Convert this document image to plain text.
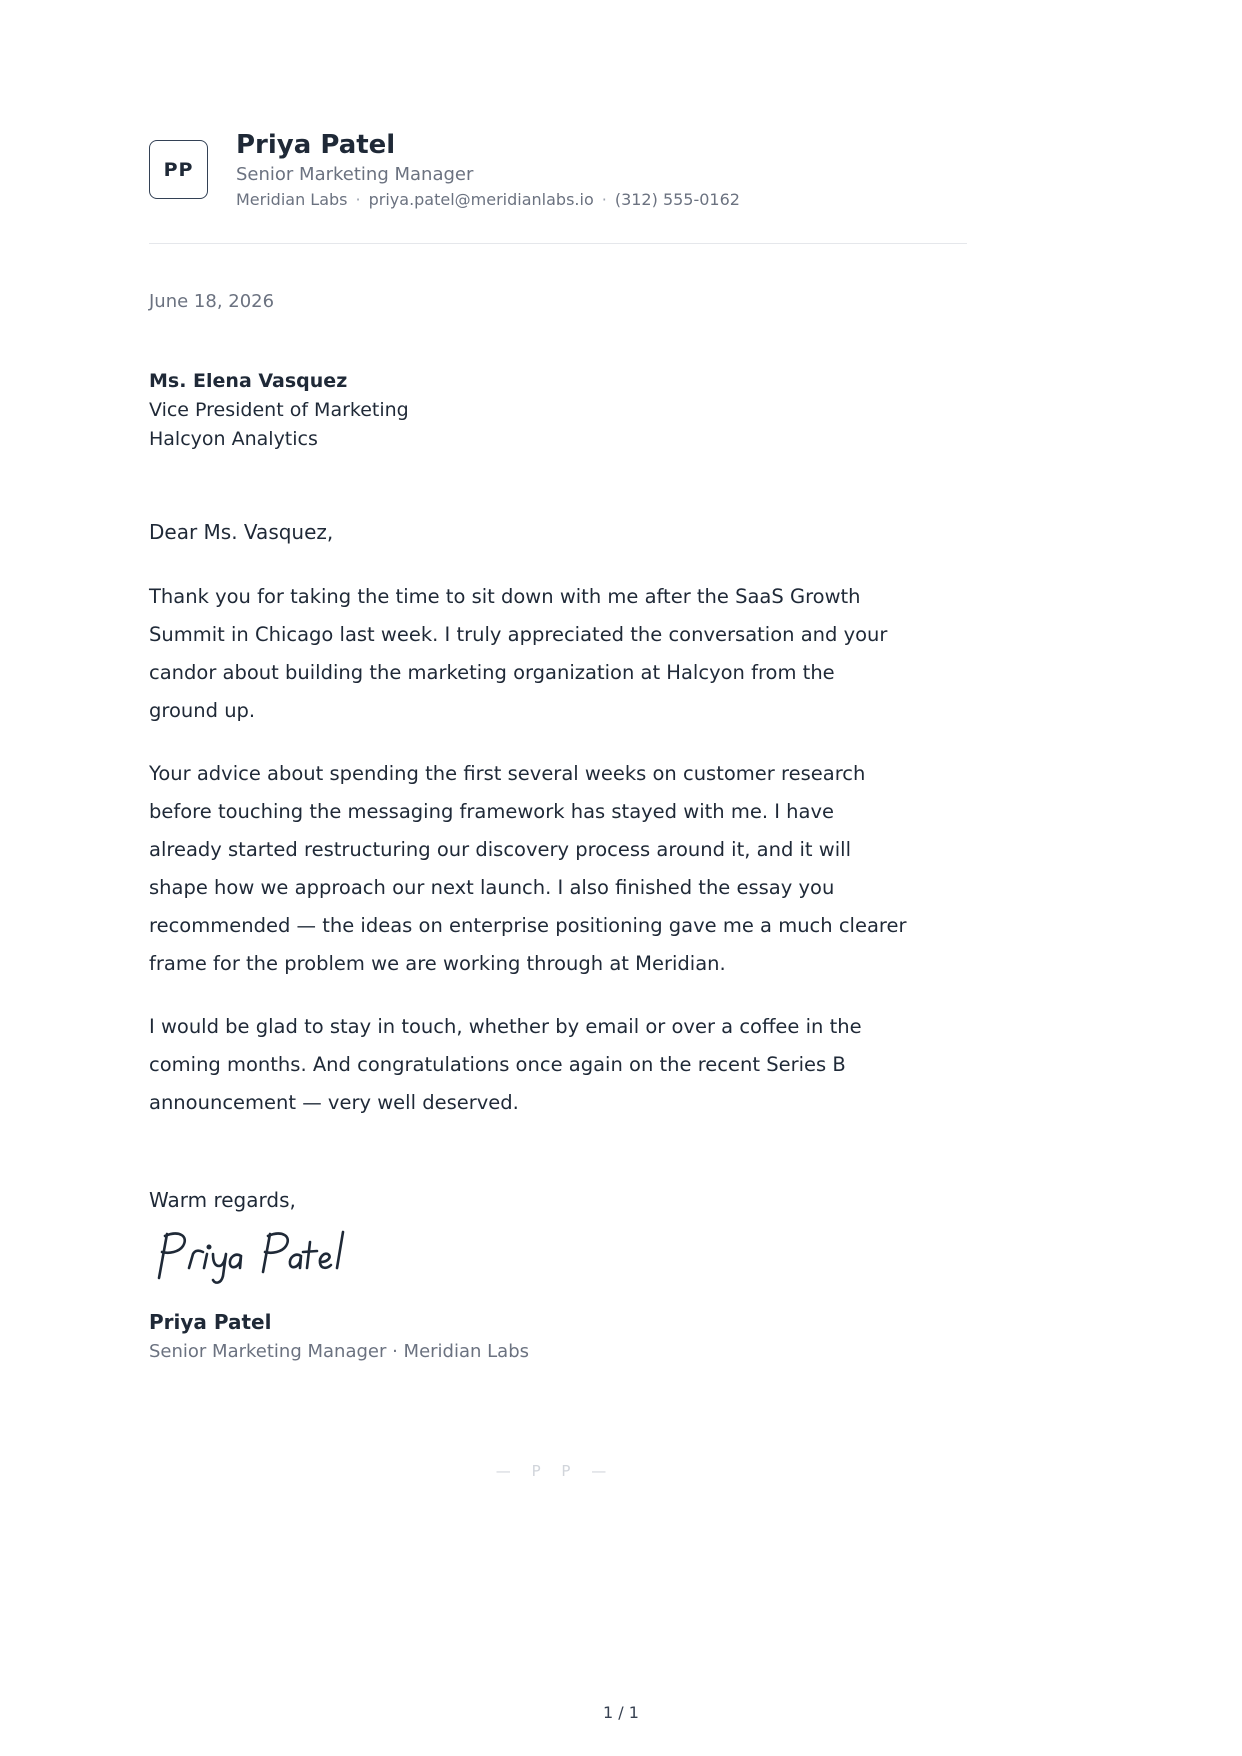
PP
Priya Patel
Senior Marketing Manager
Meridian Labs · priya.patel@meridianlabs.io · (312) 555-0162
June 18, 2026
Ms. Elena Vasquez
Vice President of Marketing
Halcyon Analytics
Dear Ms. Vasquez,

Thank you for taking the time to sit down with me after the SaaS Growth Summit in Chicago last week. I truly appreciated the conversation and your candor about building the marketing organization at Halcyon from the ground up.

Your advice about spending the first several weeks on customer research before touching the messaging framework has stayed with me. I have already started restructuring our discovery process around it, and it will shape how we approach our next launch. I also finished the essay you recommended — the ideas on enterprise positioning gave me a much clearer frame for the problem we are working through at Meridian.

I would be glad to stay in touch, whether by email or over a coffee in the coming months. And congratulations once again on the recent Series B announcement — very well deserved.

Warm regards,
Priya Patel
Senior Marketing Manager · Meridian Labs
— P P —
1 / 1
